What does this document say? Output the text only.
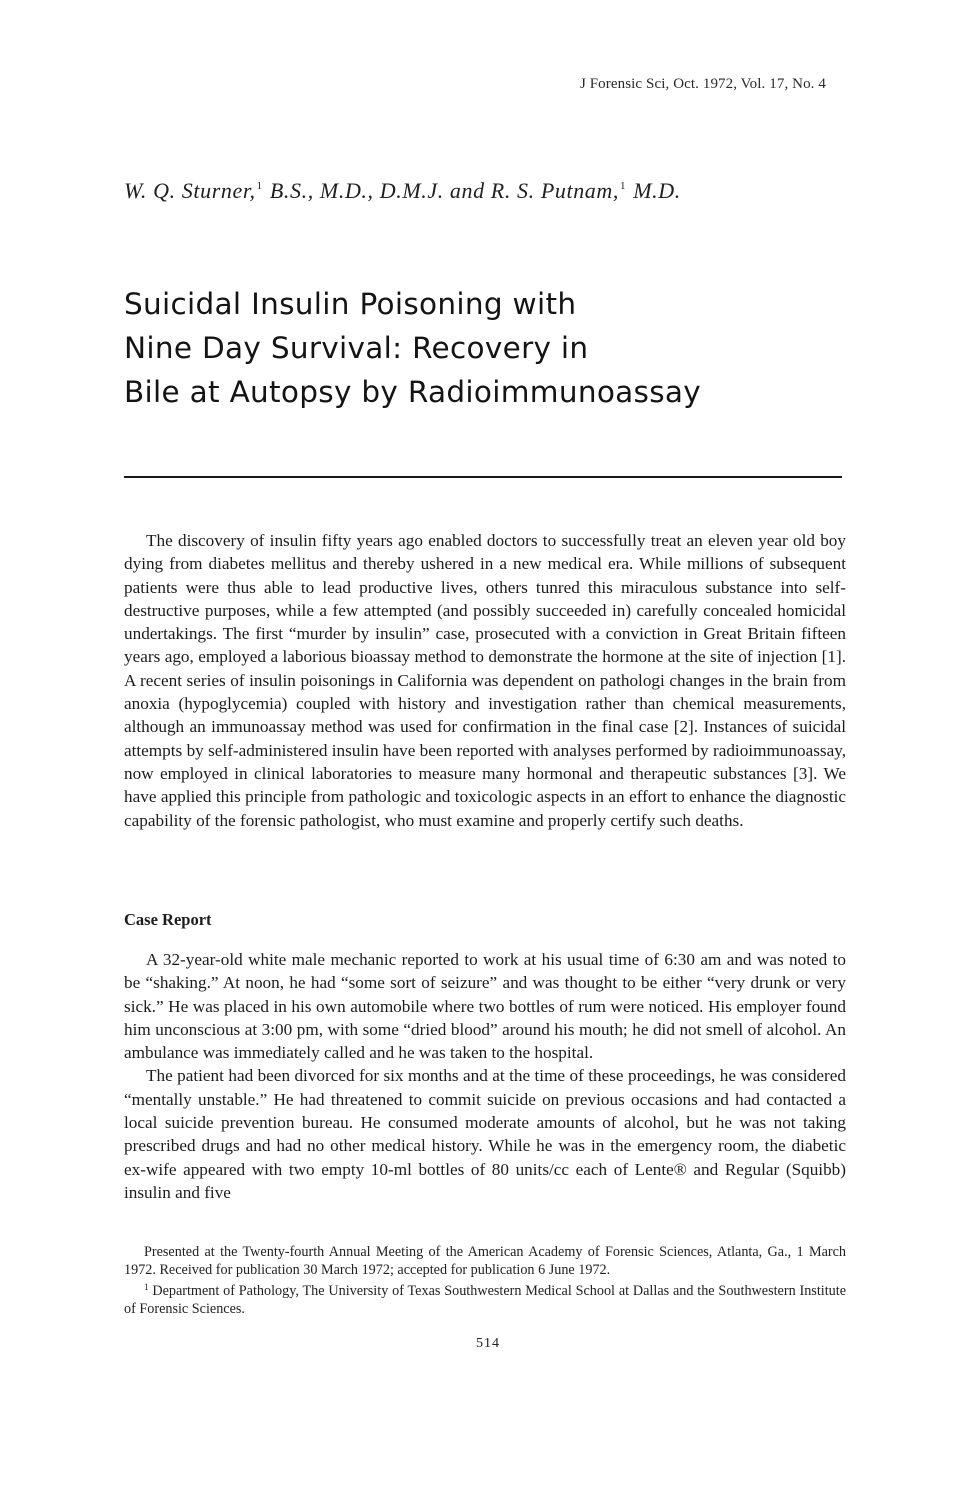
J Forensic Sci, Oct. 1972, Vol. 17, No. 4
W. Q. Sturner,$^1$ B.S., M.D., D.M.J. and R. S. Putnam,$^1$ M.D.
Suicidal Insulin Poisoning with
Nine Day Survival: Recovery in
Bile at Autopsy by Radioimmunoassay

The discovery of insulin fifty years ago enabled doctors to successfully treat an eleven year old boy dying from diabetes mellitus and thereby ushered in a new medical era. While millions of subsequent patients were thus able to lead productive lives, others tunred this miraculous substance into self-destructive purposes, while a few attempted (and possibly succeeded in) carefully concealed homicidal undertakings. The first “murder by insulin” case, prosecuted with a conviction in Great Britain fifteen years ago, employed a laborious bioassay method to demonstrate the hormone at the site of injection [1]. A recent series of insulin poisonings in California was dependent on pathologi changes in the brain from anoxia (hypoglycemia) coupled with history and investigation rather than chemical measurements, although an immunoassay method was used for confirmation in the final case [2]. Instances of suicidal attempts by self-administered insulin have been reported with analyses performed by radioimmunoassay, now employed in clinical laboratories to measure many hormonal and therapeutic substances [3]. We have applied this principle from pathologic and toxicologic aspects in an effort to enhance the diagnostic capability of the forensic pathologist, who must examine and properly certify such deaths.

Case Report

A 32-year-old white male mechanic reported to work at his usual time of 6:30 am and was noted to be “shaking.” At noon, he had “some sort of seizure” and was thought to be either “very drunk or very sick.” He was placed in his own automobile where two bottles of rum were noticed. His employer found him unconscious at 3:00 pm, with some “dried blood” around his mouth; he did not smell of alcohol. An ambulance was immediately called and he was taken to the hospital.

The patient had been divorced for six months and at the time of these proceedings, he was considered “mentally unstable.” He had threatened to commit suicide on previous occasions and had contacted a local suicide prevention bureau. He consumed moderate amounts of alcohol, but he was not taking prescribed drugs and had no other medical history. While he was in the emergency room, the diabetic ex-wife appeared with two empty 10-ml bottles of 80 units/cc each of Lente® and Regular (Squibb) insulin and five

Presented at the Twenty-fourth Annual Meeting of the American Academy of Forensic Sciences, Atlanta, Ga., 1 March 1972. Received for publication 30 March 1972; accepted for publication 6 June 1972.

$^1$ Department of Pathology, The University of Texas Southwestern Medical School at Dallas and the Southwestern Institute of Forensic Sciences.

514
